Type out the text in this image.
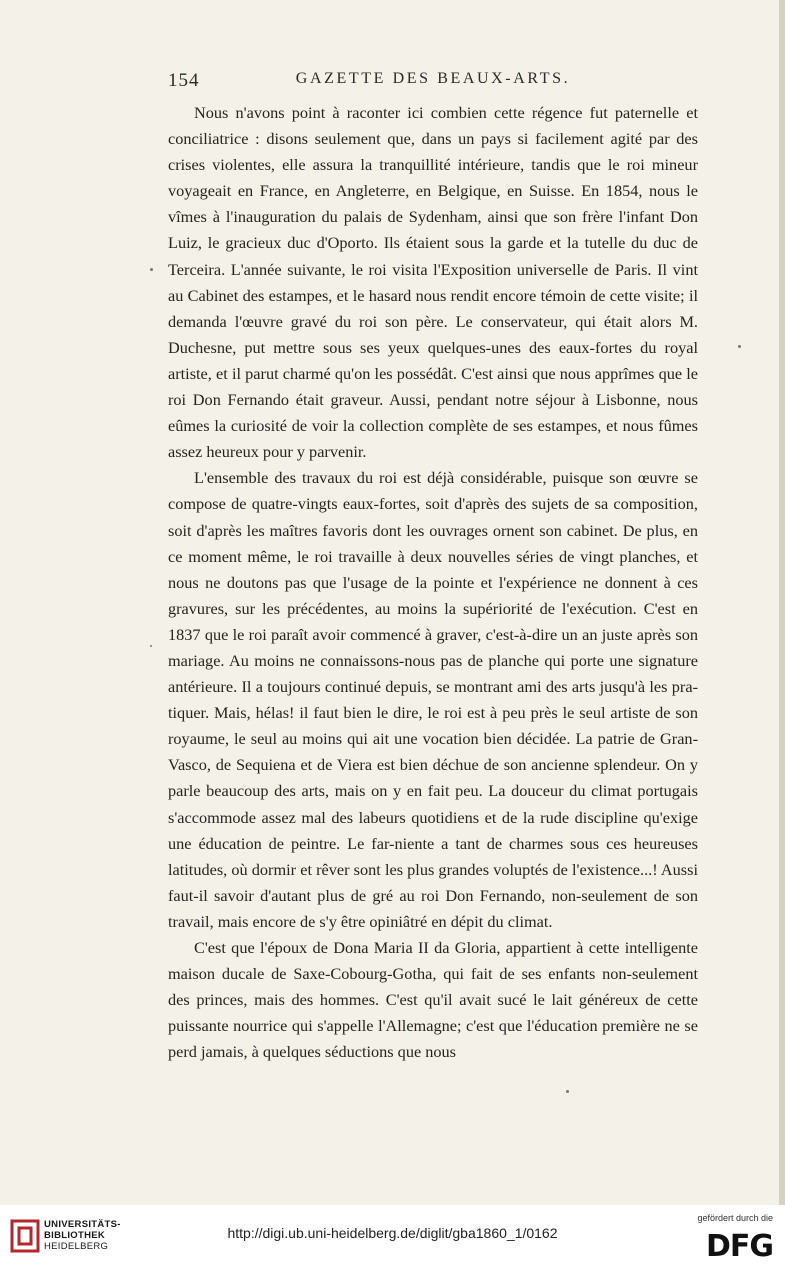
154	GAZETTE DES BEAUX-ARTS.

Nous n'avons point à raconter ici combien cette régence fut paternelle et conciliatrice : disons seulement que, dans un pays si facilement agité par des crises violentes, elle assura la tranquillité intérieure, tandis que le roi mineur voyageait en France, en Angleterre, en Belgique, en Suisse. En 1854, nous le vîmes à l'inauguration du palais de Sydenham, ainsi que son frère l'infant Don Luiz, le gracieux duc d'Oporto. Ils étaient sous la garde et la tutelle du duc de Terceira. L'année suivante, le roi visita l'Exposition universelle de Paris. Il vint au Cabinet des estampes, et le hasard nous rendit encore témoin de cette visite; il demanda l'œuvre gravé du roi son père. Le conservateur, qui était alors M. Duchesne, put mettre sous ses yeux quelques-unes des eaux-fortes du royal artiste, et il parut charmé qu'on les possédât. C'est ainsi que nous apprîmes que le roi Don Fernando était graveur. Aussi, pendant notre séjour à Lisbonne, nous eûmes la curiosité de voir la collection complète de ses estampes, et nous fûmes assez heureux pour y parvenir.

L'ensemble des travaux du roi est déjà considérable, puisque son œuvre se compose de quatre-vingts eaux-fortes, soit d'après des sujets de sa composition, soit d'après les maîtres favoris dont les ouvrages ornent son cabinet. De plus, en ce moment même, le roi travaille à deux nouvelles séries de vingt planches, et nous ne doutons pas que l'usage de la pointe et l'expérience ne donnent à ces gravures, sur les précédentes, au moins la supériorité de l'exécution. C'est en 1837 que le roi paraît avoir commencé à graver, c'est-à-dire un an juste après son mariage. Au moins ne connaissons-nous pas de planche qui porte une signature antérieure. Il a toujours continué depuis, se montrant ami des arts jusqu'à les pratiquer. Mais, hélas! il faut bien le dire, le roi est à peu près le seul artiste de son royaume, le seul au moins qui ait une vocation bien décidée. La patrie de Gran-Vasco, de Sequiena et de Viera est bien déchue de son ancienne splendeur. On y parle beaucoup des arts, mais on y en fait peu. La douceur du climat portugais s'accommode assez mal des labeurs quotidiens et de la rude discipline qu'exige une éducation de peintre. Le far-niente a tant de charmes sous ces heureuses latitudes, où dormir et rêver sont les plus grandes voluptés de l'existence...! Aussi faut-il savoir d'autant plus de gré au roi Don Fernando, non-seulement de son travail, mais encore de s'y être opiniâtré en dépit du climat.

C'est que l'époux de Dona Maria II da Gloria, appartient à cette intelligente maison ducale de Saxe-Cobourg-Gotha, qui fait de ses enfants non-seulement des princes, mais des hommes. C'est qu'il avait sucé le lait généreux de cette puissante nourrice qui s'appelle l'Allemagne; c'est que l'éducation première ne se perd jamais, à quelques séductions que nous

UNIVERSITÄTS-
BIBLIOTHEK
HEIDELBERG
http://digi.ub.uni-heidelberg.de/diglit/gba1860_1/0162
gefördert durch die
DFG
